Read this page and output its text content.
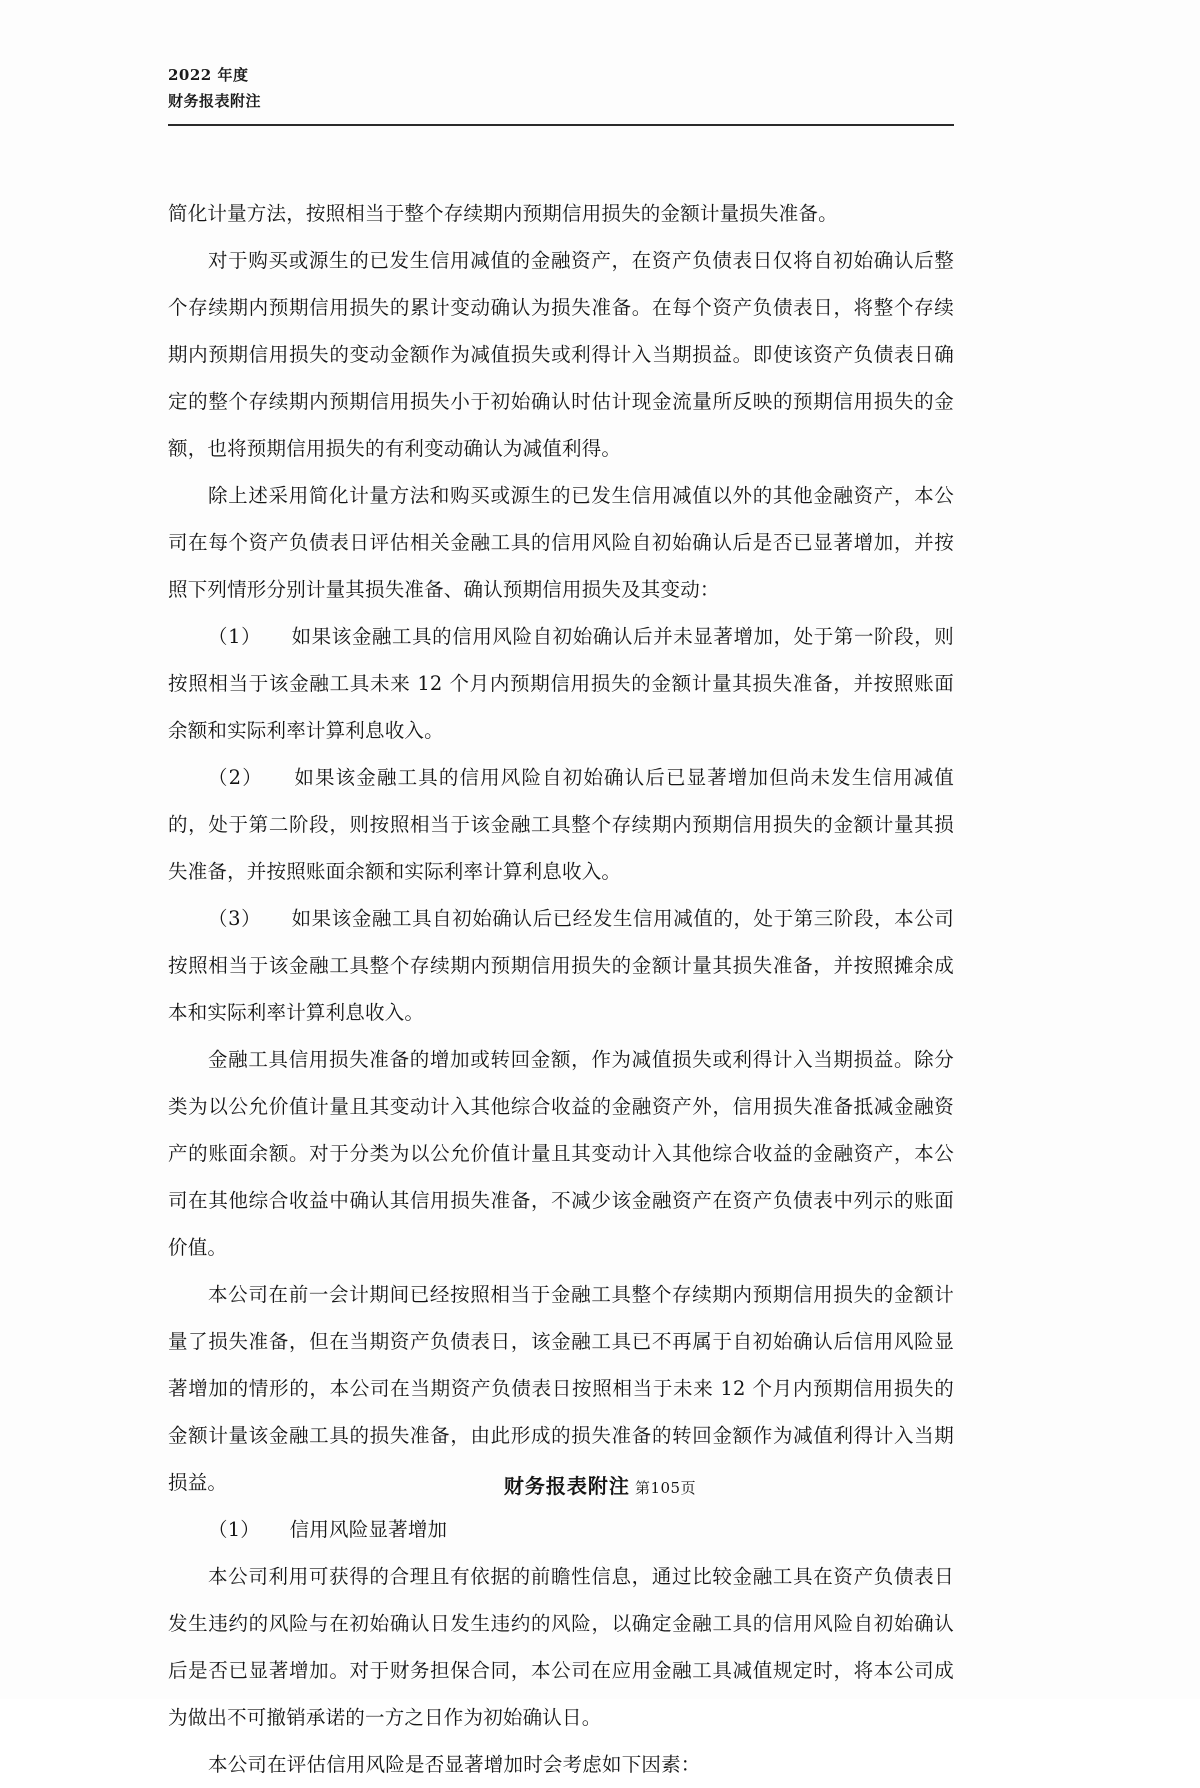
2022 年度
财务报表附注

简化计量方法，按照相当于整个存续期内预期信用损失的金额计量损失准备。

对于购买或源生的已发生信用减值的金融资产，在资产负债表日仅将自初始确认后整个存续期内预期信用损失的累计变动确认为损失准备。在每个资产负债表日，将整个存续期内预期信用损失的变动金额作为减值损失或利得计入当期损益。即使该资产负债表日确定的整个存续期内预期信用损失小于初始确认时估计现金流量所反映的预期信用损失的金额，也将预期信用损失的有利变动确认为减值利得。

除上述采用简化计量方法和购买或源生的已发生信用减值以外的其他金融资产，本公司在每个资产负债表日评估相关金融工具的信用风险自初始确认后是否已显著增加，并按照下列情形分别计量其损失准备、确认预期信用损失及其变动：

（1）　　如果该金融工具的信用风险自初始确认后并未显著增加，处于第一阶段，则按照相当于该金融工具未来 12 个月内预期信用损失的金额计量其损失准备，并按照账面余额和实际利率计算利息收入。

（2）　　如果该金融工具的信用风险自初始确认后已显著增加但尚未发生信用减值的，处于第二阶段，则按照相当于该金融工具整个存续期内预期信用损失的金额计量其损失准备，并按照账面余额和实际利率计算利息收入。

（3）　　如果该金融工具自初始确认后已经发生信用减值的，处于第三阶段，本公司按照相当于该金融工具整个存续期内预期信用损失的金额计量其损失准备，并按照摊余成本和实际利率计算利息收入。

金融工具信用损失准备的增加或转回金额，作为减值损失或利得计入当期损益。除分类为以公允价值计量且其变动计入其他综合收益的金融资产外，信用损失准备抵减金融资产的账面余额。对于分类为以公允价值计量且其变动计入其他综合收益的金融资产，本公司在其他综合收益中确认其信用损失准备，不减少该金融资产在资产负债表中列示的账面价值。

本公司在前一会计期间已经按照相当于金融工具整个存续期内预期信用损失的金额计量了损失准备，但在当期资产负债表日，该金融工具已不再属于自初始确认后信用风险显著增加的情形的，本公司在当期资产负债表日按照相当于未来 12 个月内预期信用损失的金额计量该金融工具的损失准备，由此形成的损失准备的转回金额作为减值利得计入当期损益。

（1）　　信用风险显著增加

本公司利用可获得的合理且有依据的前瞻性信息，通过比较金融工具在资产负债表日发生违约的风险与在初始确认日发生违约的风险，以确定金融工具的信用风险自初始确认后是否已显著增加。对于财务担保合同，本公司在应用金融工具减值规定时，将本公司成为做出不可撤销承诺的一方之日作为初始确认日。

本公司在评估信用风险是否显著增加时会考虑如下因素：

财务报表附注 第105页
